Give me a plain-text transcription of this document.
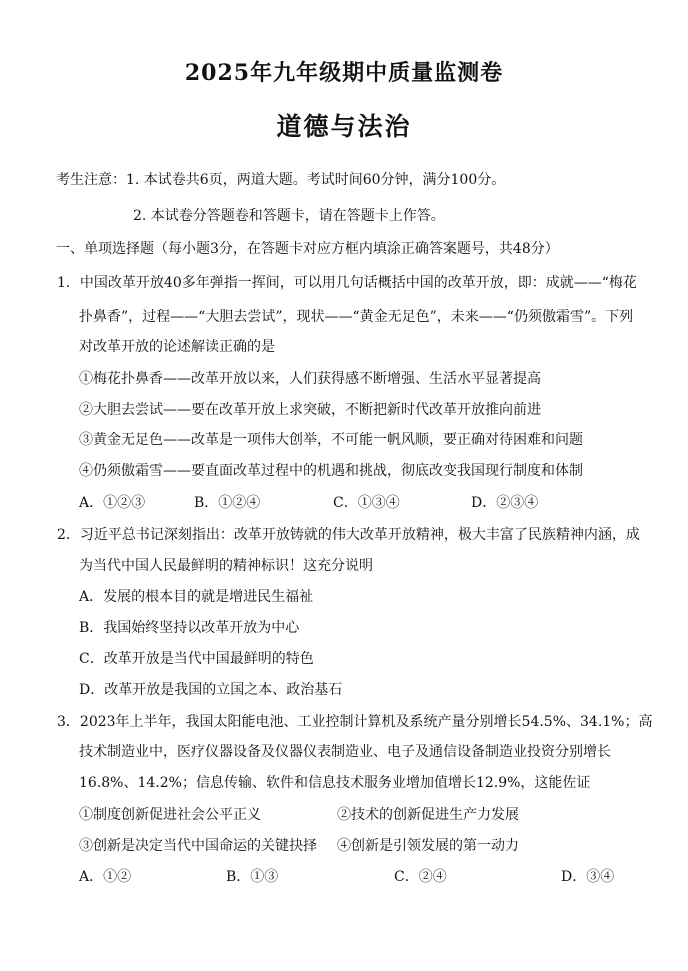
2025年九年级期中质量监测卷
道德与法治
考生注意：1. 本试卷共6页，两道大题。考试时间60分钟，满分100分。
2. 本试卷分答题卷和答题卡，请在答题卡上作答。
一、单项选择题（每小题3分，在答题卡对应方框内填涂正确答案题号，共48分）
1．中国改革开放40多年弹指一挥间，可以用几句话概括中国的改革开放，即：成就——“梅花
扑鼻香”，过程——“大胆去尝试”，现状——“黄金无足色”，未来——“仍须傲霜雪”。下列
对改革开放的论述解读正确的是
①梅花扑鼻香——改革开放以来，人们获得感不断增强、生活水平显著提高
②大胆去尝试——要在改革开放上求突破，不断把新时代改革开放推向前进
③黄金无足色——改革是一项伟大创举，不可能一帆风顺，要正确对待困难和问题
④仍须傲霜雪——要直面改革过程中的机遇和挑战，彻底改变我国现行制度和体制
A．①②③	B．①②④	C．①③④	D．②③④
2．习近平总书记深刻指出：改革开放铸就的伟大改革开放精神，极大丰富了民族精神内涵，成
为当代中国人民最鲜明的精神标识！这充分说明
A．发展的根本目的就是增进民生福祉
B．我国始终坚持以改革开放为中心
C．改革开放是当代中国最鲜明的特色
D．改革开放是我国的立国之本、政治基石
3．2023年上半年，我国太阳能电池、工业控制计算机及系统产量分别增长54.5%、34.1%；高
技术制造业中，医疗仪器设备及仪器仪表制造业、电子及通信设备制造业投资分别增长
16.8%、14.2%；信息传输、软件和信息技术服务业增加值增长12.9%，这能佐证
①制度创新促进社会公平正义	②技术的创新促进生产力发展
③创新是决定当代中国命运的关键抉择 ④创新是引领发展的第一动力
A．①②	B．①③	C．②④	D．③④
